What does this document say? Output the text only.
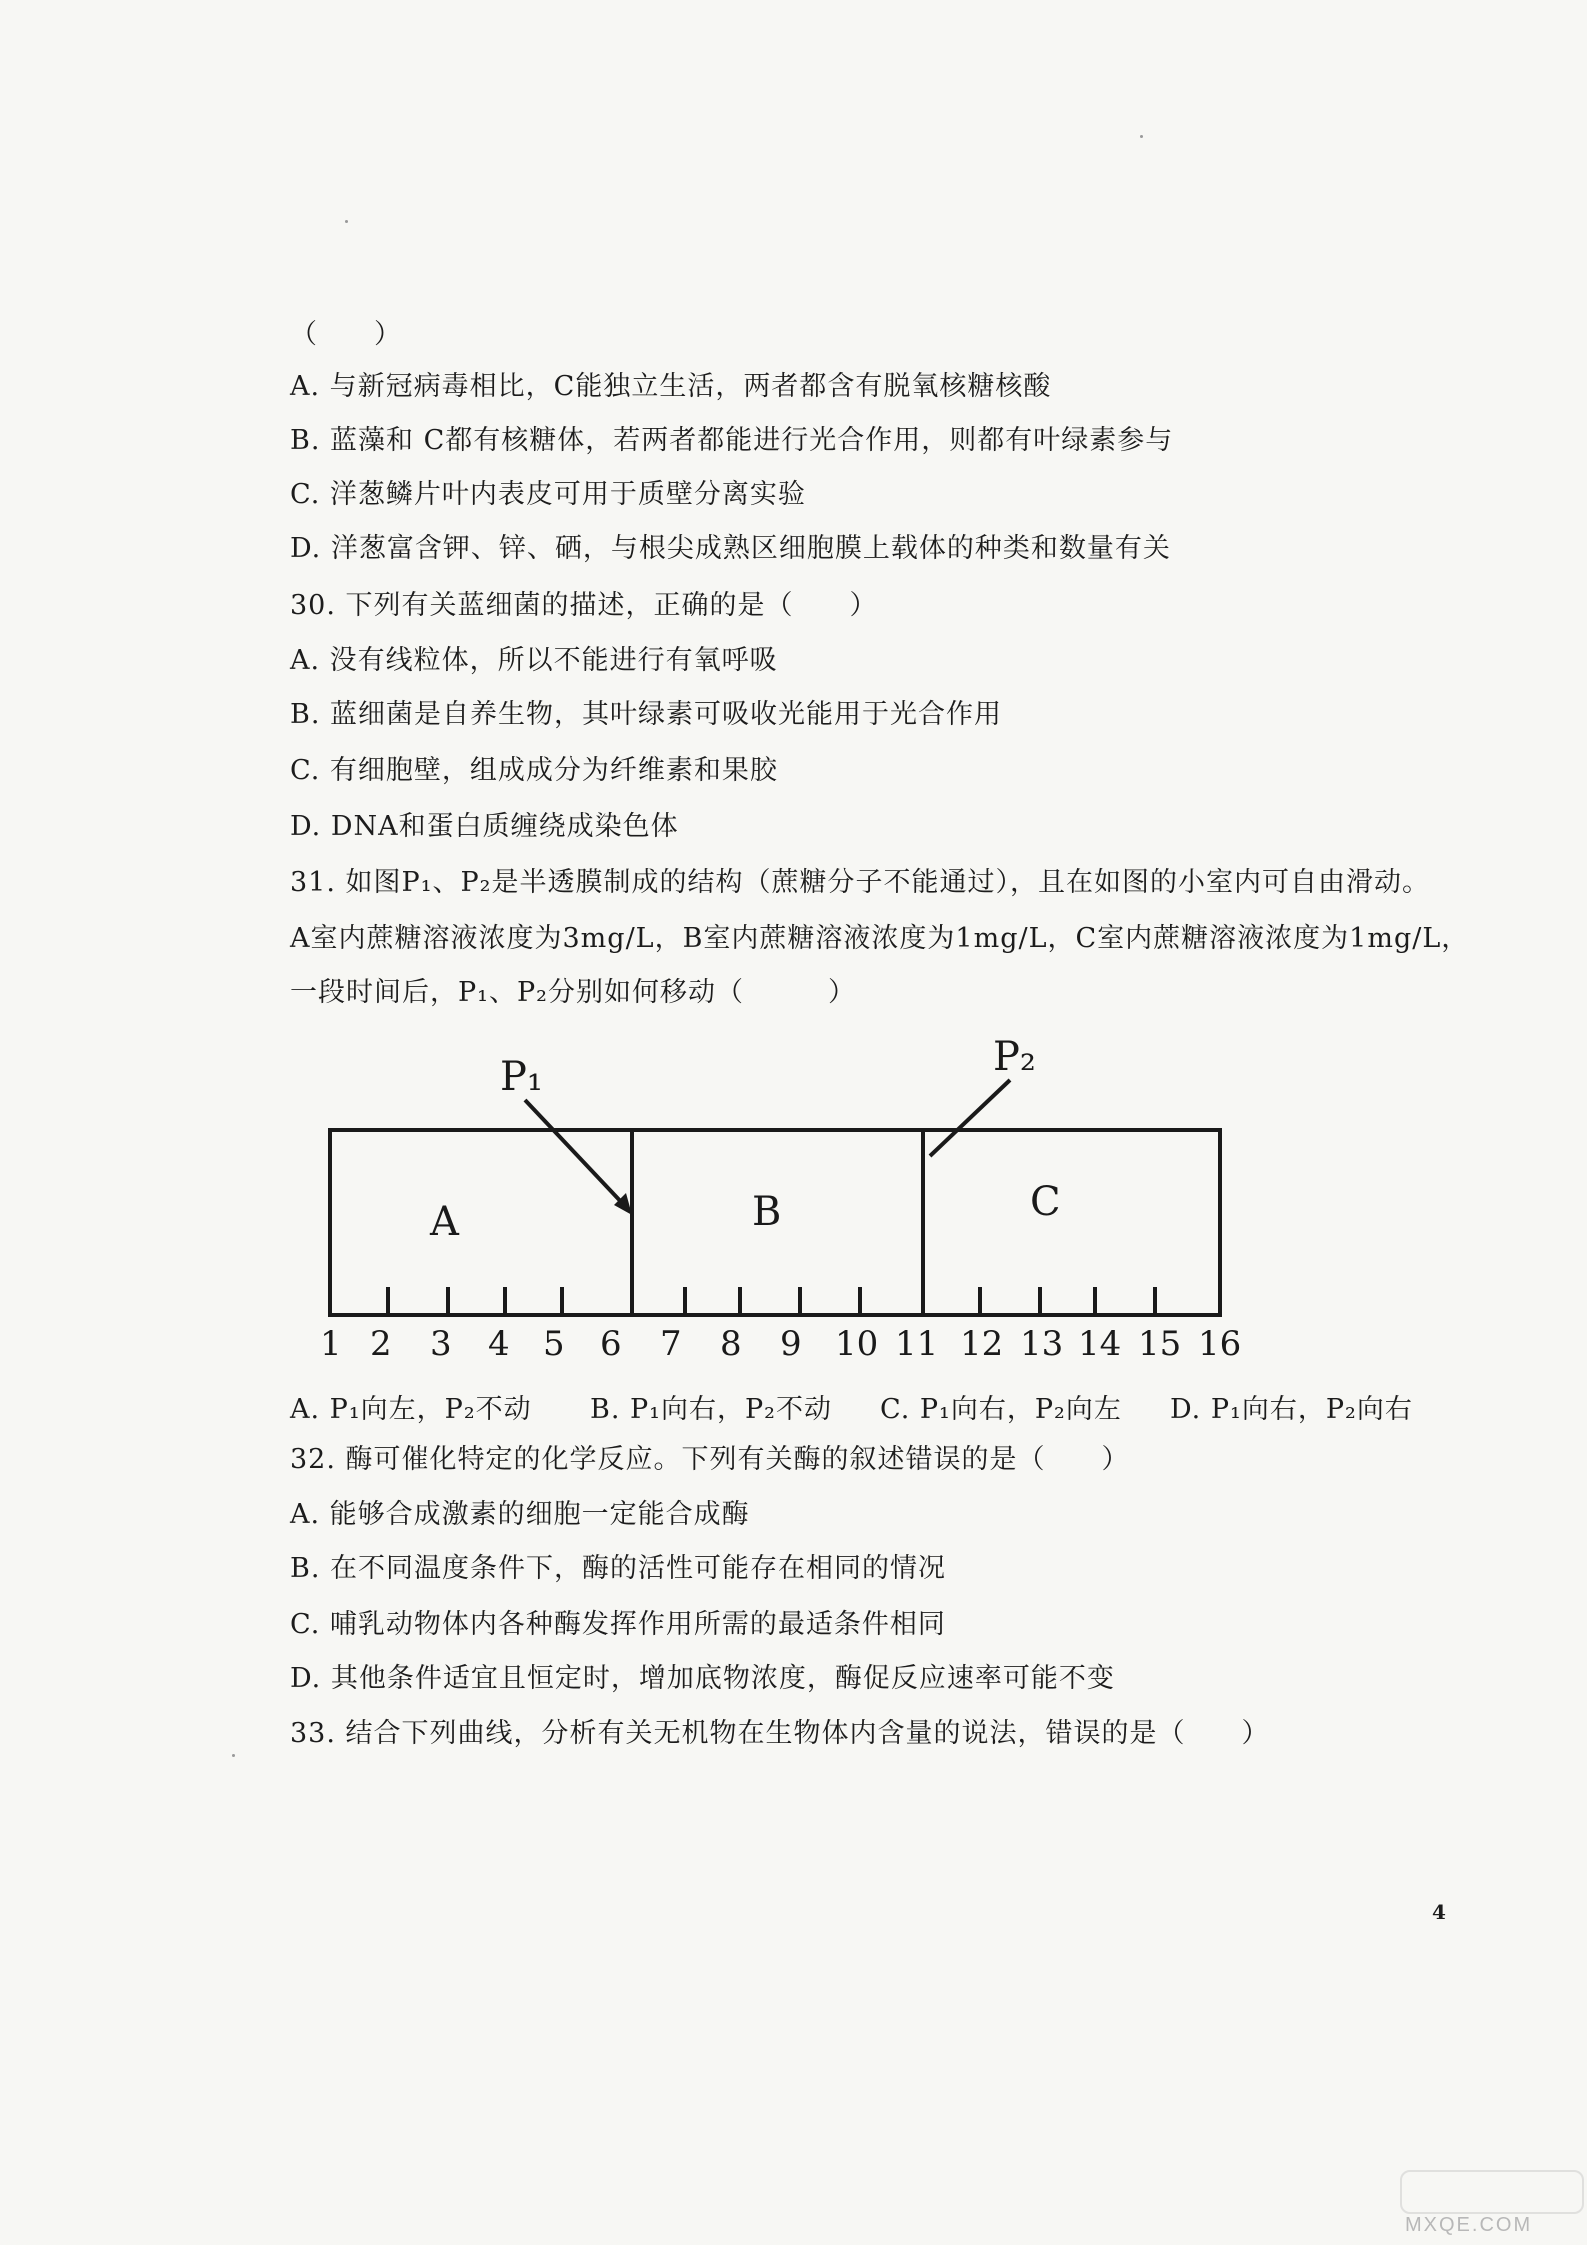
（　　）
A. 与新冠病毒相比，C能独立生活，两者都含有脱氧核糖核酸
B. 蓝藻和 C都有核糖体，若两者都能进行光合作用，则都有叶绿素参与
C. 洋葱鳞片叶内表皮可用于质壁分离实验
D. 洋葱富含钾、锌、硒，与根尖成熟区细胞膜上载体的种类和数量有关
30. 下列有关蓝细菌的描述，正确的是（　　）
A. 没有线粒体，所以不能进行有氧呼吸
B. 蓝细菌是自养生物，其叶绿素可吸收光能用于光合作用
C. 有细胞壁，组成成分为纤维素和果胶
D. DNA和蛋白质缠绕成染色体
31. 如图P₁、P₂是半透膜制成的结构（蔗糖分子不能通过），且在如图的小室内可自由滑动。
A室内蔗糖溶液浓度为3mg/L，B室内蔗糖溶液浓度为1mg/L，C室内蔗糖溶液浓度为1mg/L，
一段时间后，P₁、P₂分别如何移动（　　　）
32. 酶可催化特定的化学反应。下列有关酶的叙述错误的是（　　）
A. 能够合成激素的细胞一定能合成酶
B. 在不同温度条件下，酶的活性可能存在相同的情况
C. 哺乳动物体内各种酶发挥作用所需的最适条件相同
D. 其他条件适宜且恒定时，增加底物浓度，酶促反应速率可能不变
33. 结合下列曲线，分析有关无机物在生物体内含量的说法，错误的是（　　）
P₁	P₂
A	B	C
1 2 3 4 5 6 7 8 9 10 11 12 13 14 15 16
A. P₁向左，P₂不动 B. P₁向右，P₂不动 C. P₁向右，P₂向左 D. P₁向右，P₂向右
4
MXQE.COM
